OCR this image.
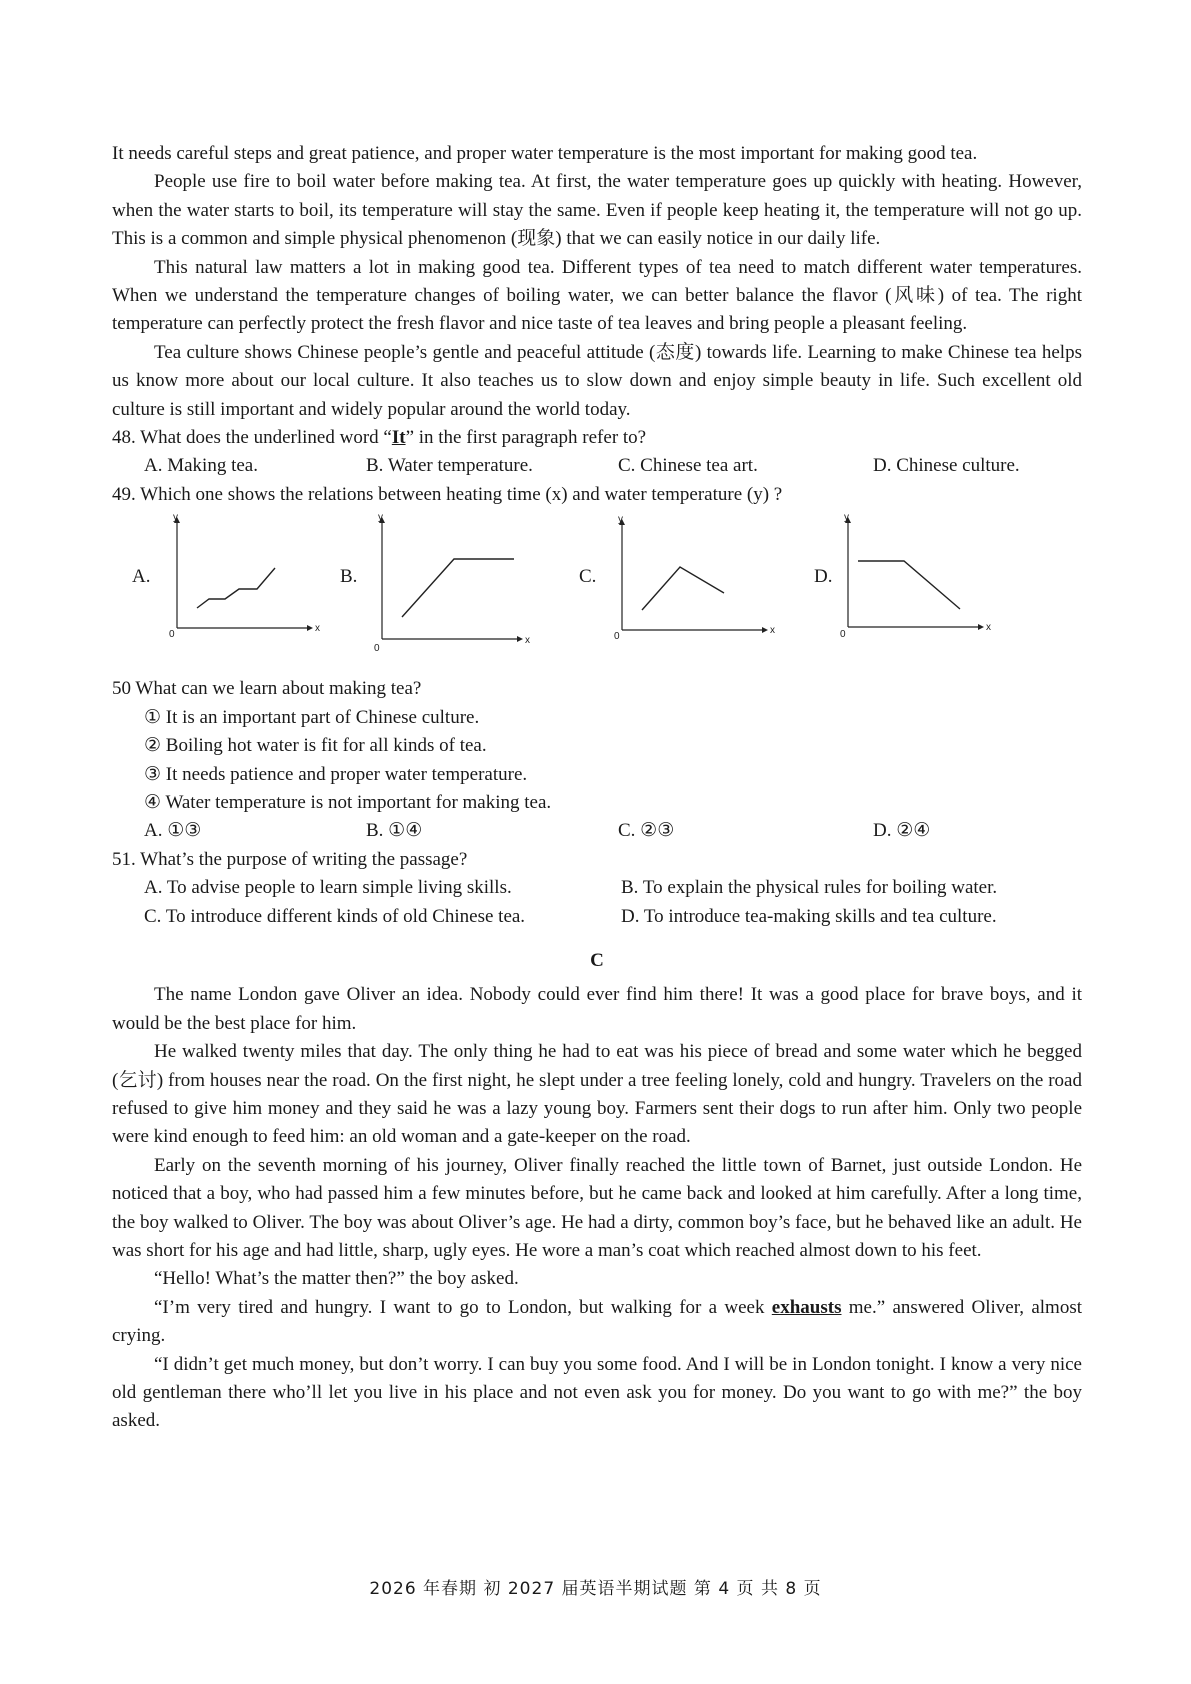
It needs careful steps and great patience, and proper water temperature is the most important for making good tea.

People use fire to boil water before making tea. At first, the water temperature goes up quickly with heating. However, when the water starts to boil, its temperature will stay the same. Even if people keep heating it, the temperature will not go up. This is a common and simple physical phenomenon (现象) that we can easily notice in our daily life.

This natural law matters a lot in making good tea. Different types of tea need to match different water temperatures. When we understand the temperature changes of boiling water, we can better balance the flavor (风味) of tea. The right temperature can perfectly protect the fresh flavor and nice taste of tea leaves and bring people a pleasant feeling.

Tea culture shows Chinese people’s gentle and peaceful attitude (态度) towards life. Learning to make Chinese tea helps us know more about our local culture. It also teaches us to slow down and enjoy simple beauty in life. Such excellent old culture is still important and widely popular around the world today.

48. What does the underlined word “It” in the first paragraph refer to?
A. Making tea.	B. Water temperature.	C. Chinese tea art.	D. Chinese culture.
49. Which one shows the relations between heating time (x) and water temperature (y) ?
A.
x
y
0
B.
x
y
0
C.
x
y
0
D.
x
y
0
50 What can we learn about making tea?
① It is an important part of Chinese culture.
② Boiling hot water is fit for all kinds of tea.
③ It needs patience and proper water temperature.
④ Water temperature is not important for making tea.
A. ①③	B. ①④	C. ②③	D. ②④
51. What’s the purpose of writing the passage?
A. To advise people to learn simple living skills.	B. To explain the physical rules for boiling water.
C. To introduce different kinds of old Chinese tea.	D. To introduce tea-making skills and tea culture.
C

The name London gave Oliver an idea. Nobody could ever find him there! It was a good place for brave boys, and it would be the best place for him.

He walked twenty miles that day. The only thing he had to eat was his piece of bread and some water which he begged (乞讨) from houses near the road. On the first night, he slept under a tree feeling lonely, cold and hungry. Travelers on the road refused to give him money and they said he was a lazy young boy. Farmers sent their dogs to run after him. Only two people were kind enough to feed him: an old woman and a gate-keeper on the road.

Early on the seventh morning of his journey, Oliver finally reached the little town of Barnet, just outside London. He noticed that a boy, who had passed him a few minutes before, but he came back and looked at him carefully. After a long time, the boy walked to Oliver. The boy was about Oliver’s age. He had a dirty, common boy’s face, but he behaved like an adult. He was short for his age and had little, sharp, ugly eyes. He wore a man’s coat which reached almost down to his feet.

“Hello! What’s the matter then?” the boy asked.

“I’m very tired and hungry. I want to go to London, but walking for a week exhausts me.” answered Oliver, almost crying.

“I didn’t get much money, but don’t worry. I can buy you some food. And I will be in London tonight. I know a very nice old gentleman there who’ll let you live in his place and not even ask you for money. Do you want to go with me?” the boy asked.

2026 年春期 初 2027 届英语半期试题 第 4 页 共 8 页
